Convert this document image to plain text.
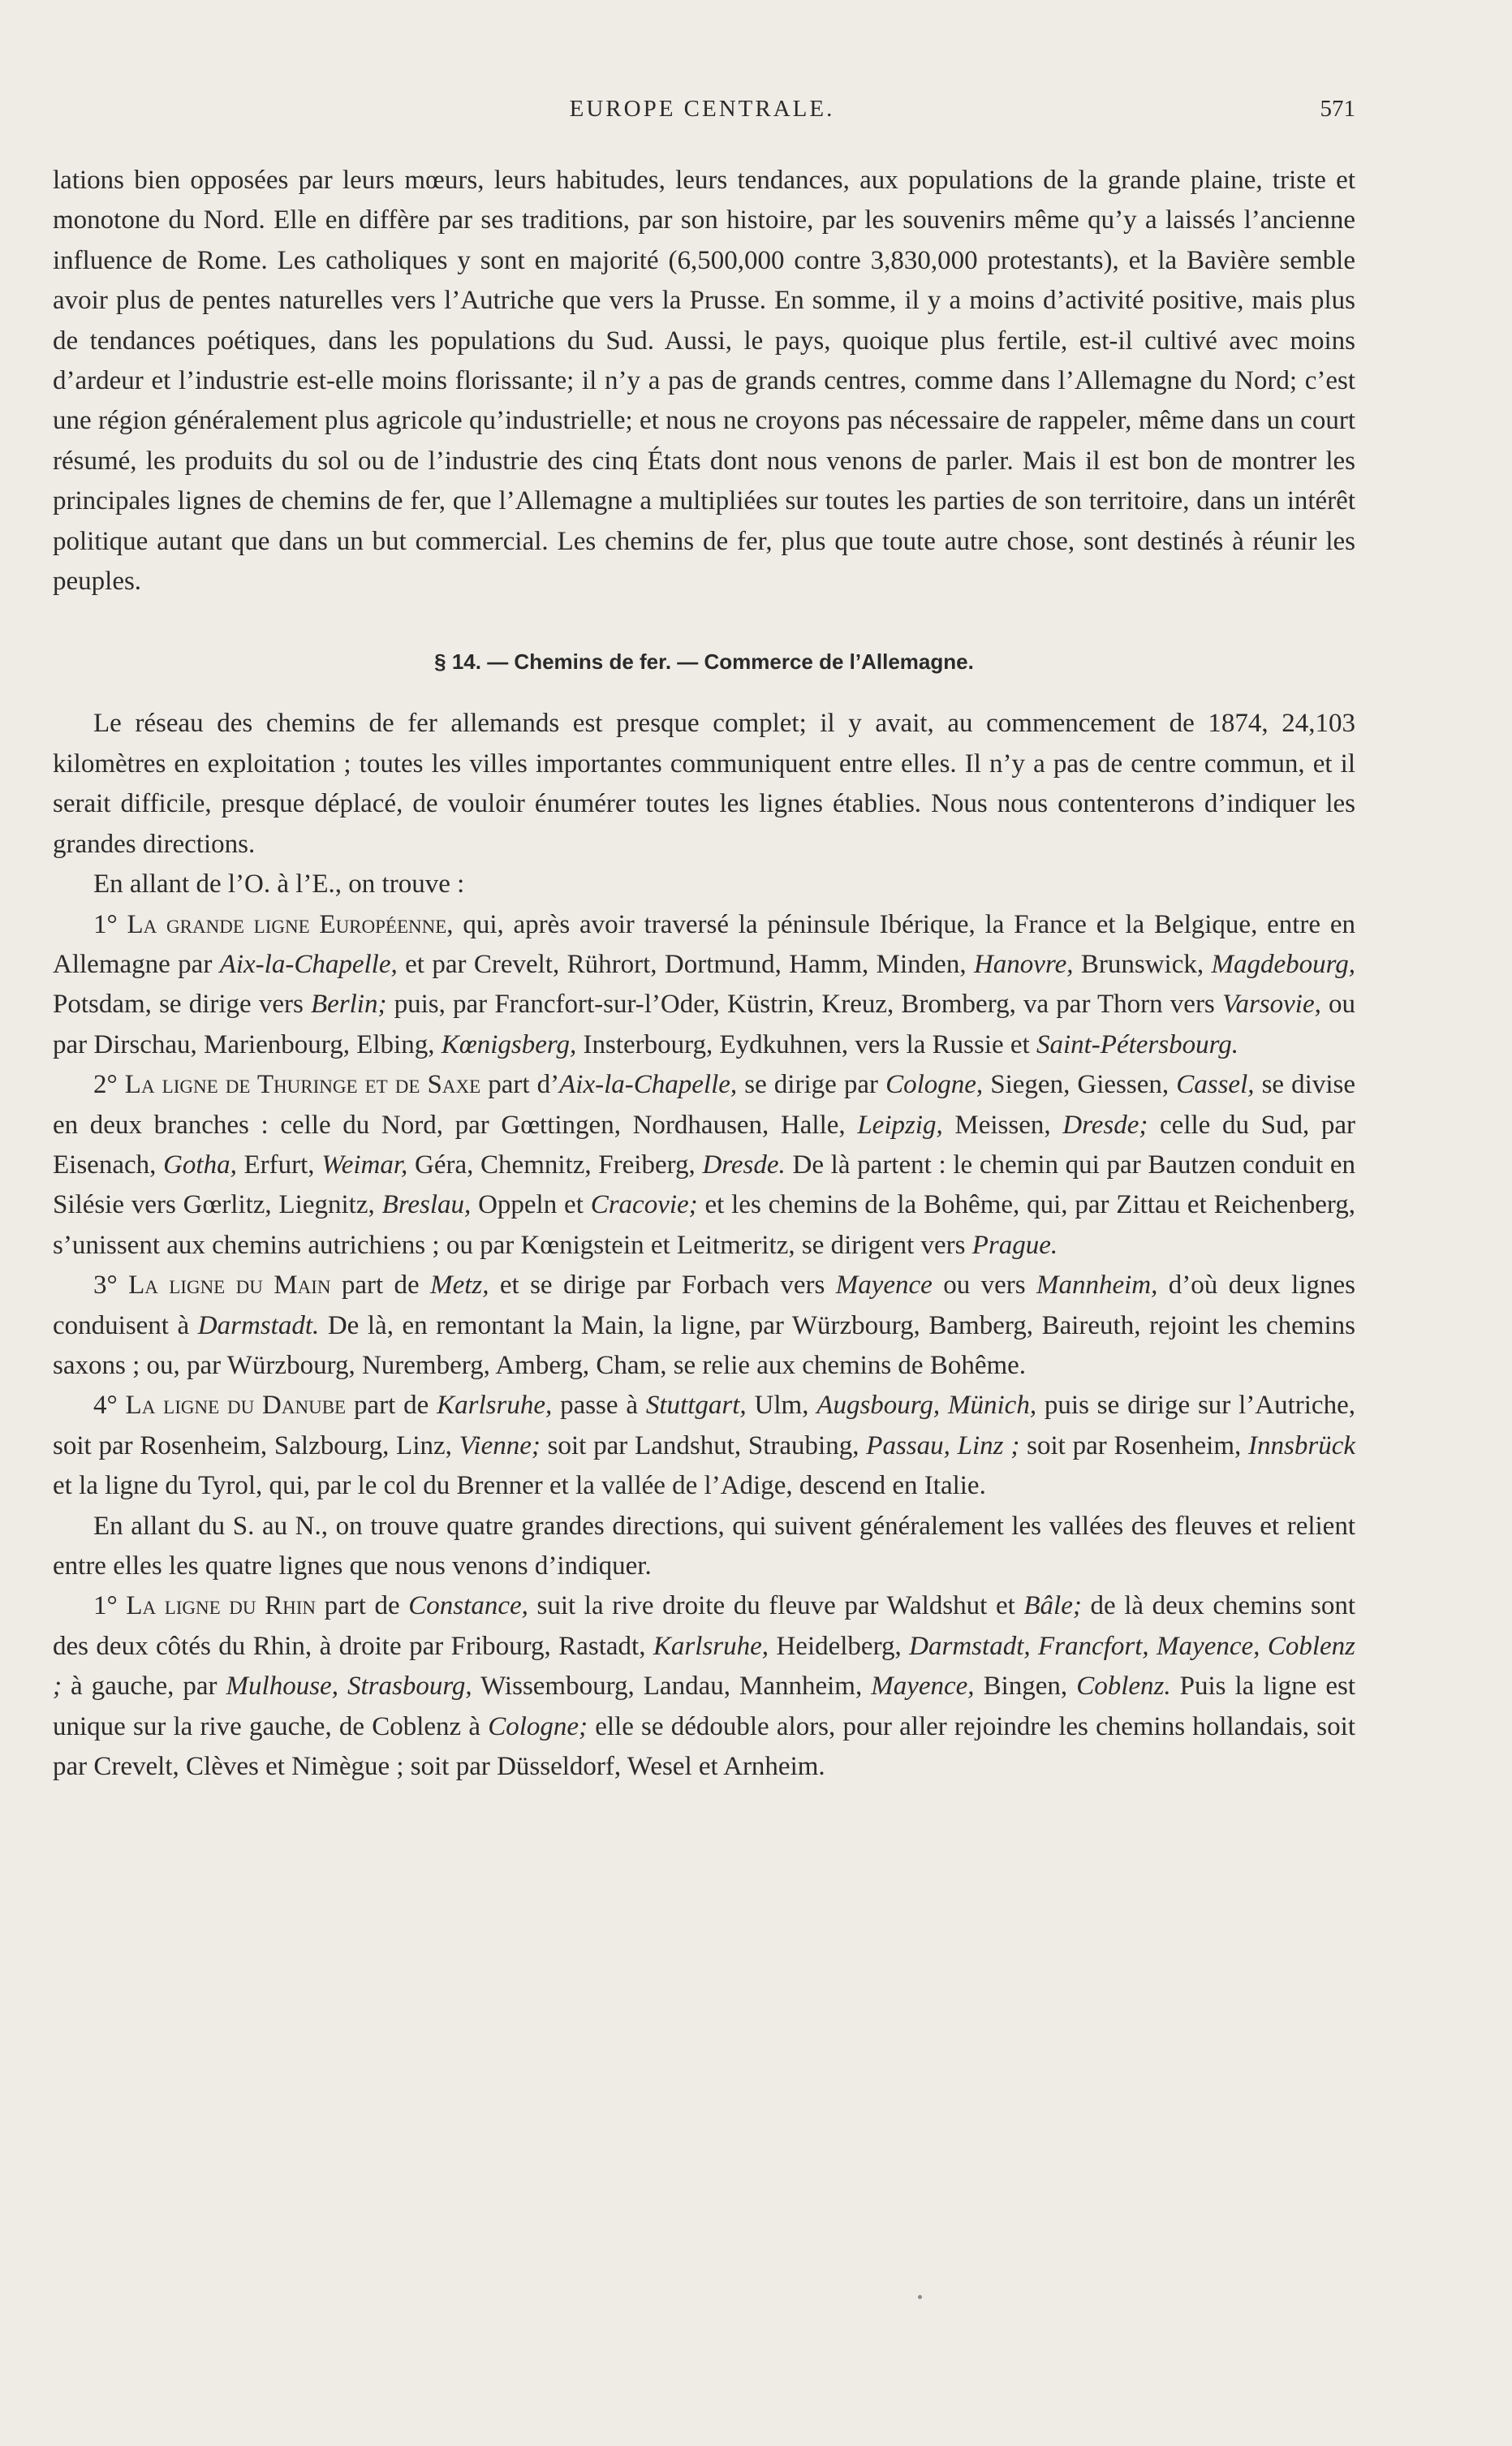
EUROPE CENTRALE.	571

lations bien opposées par leurs mœurs, leurs habitudes, leurs tendances, aux populations de la grande plaine, triste et monotone du Nord. Elle en diffère par ses traditions, par son histoire, par les souvenirs même qu’y a laissés l’ancienne influence de Rome. Les catholiques y sont en majorité (6,500,000 contre 3,830,000 protestants), et la Bavière semble avoir plus de pentes naturelles vers l’Autriche que vers la Prusse. En somme, il y a moins d’activité positive, mais plus de tendances poétiques, dans les populations du Sud. Aussi, le pays, quoique plus fertile, est-il cultivé avec moins d’ardeur et l’industrie est-elle moins florissante; il n’y a pas de grands centres, comme dans l’Allemagne du Nord; c’est une région généralement plus agricole qu’industrielle; et nous ne croyons pas nécessaire de rappeler, même dans un court résumé, les produits du sol ou de l’industrie des cinq États dont nous venons de parler. Mais il est bon de montrer les principales lignes de chemins de fer, que l’Allemagne a multipliées sur toutes les parties de son territoire, dans un intérêt politique autant que dans un but commercial. Les chemins de fer, plus que toute autre chose, sont destinés à réunir les peuples.

§ 14. — Chemins de fer. — Commerce de l’Allemagne.

Le réseau des chemins de fer allemands est presque complet; il y avait, au commencement de 1874, 24,103 kilomètres en exploitation ; toutes les villes importantes communiquent entre elles. Il n’y a pas de centre commun, et il serait difficile, presque déplacé, de vouloir énumérer toutes les lignes établies. Nous nous contenterons d’indiquer les grandes directions.

En allant de l’O. à l’E., on trouve :

1° La grande ligne Européenne, qui, après avoir traversé la péninsule Ibérique, la France et la Belgique, entre en Allemagne par Aix-la-Chapelle, et par Crevelt, Rührort, Dortmund, Hamm, Minden, Hanovre, Brunswick, Magdebourg, Potsdam, se dirige vers Berlin; puis, par Francfort-sur-l’Oder, Küstrin, Kreuz, Bromberg, va par Thorn vers Varsovie, ou par Dirschau, Marienbourg, Elbing, Kœnigsberg, Insterbourg, Eydkuhnen, vers la Russie et Saint-Pétersbourg.

2° La ligne de Thuringe et de Saxe part d’Aix-la-Chapelle, se dirige par Cologne, Siegen, Giessen, Cassel, se divise en deux branches : celle du Nord, par Gœttingen, Nordhausen, Halle, Leipzig, Meissen, Dresde; celle du Sud, par Eisenach, Gotha, Erfurt, Weimar, Géra, Chemnitz, Freiberg, Dresde. De là partent : le chemin qui par Bautzen conduit en Silésie vers Gœrlitz, Liegnitz, Breslau, Oppeln et Cracovie; et les chemins de la Bohême, qui, par Zittau et Reichenberg, s’unissent aux chemins autrichiens ; ou par Kœnigstein et Leitmeritz, se dirigent vers Prague.

3° La ligne du Main part de Metz, et se dirige par Forbach vers Mayence ou vers Mannheim, d’où deux lignes conduisent à Darmstadt. De là, en remontant la Main, la ligne, par Würzbourg, Bamberg, Baireuth, rejoint les chemins saxons ; ou, par Würzbourg, Nuremberg, Amberg, Cham, se relie aux chemins de Bohême.

4° La ligne du Danube part de Karlsruhe, passe à Stuttgart, Ulm, Augsbourg, Münich, puis se dirige sur l’Autriche, soit par Rosenheim, Salzbourg, Linz, Vienne; soit par Landshut, Straubing, Passau, Linz ; soit par Rosenheim, Innsbrück et la ligne du Tyrol, qui, par le col du Brenner et la vallée de l’Adige, descend en Italie.

En allant du S. au N., on trouve quatre grandes directions, qui suivent généralement les vallées des fleuves et relient entre elles les quatre lignes que nous venons d’indiquer.

1° La ligne du Rhin part de Constance, suit la rive droite du fleuve par Waldshut et Bâle; de là deux chemins sont des deux côtés du Rhin, à droite par Fribourg, Rastadt, Karlsruhe, Heidelberg, Darmstadt, Francfort, Mayence, Coblenz ; à gauche, par Mulhouse, Strasbourg, Wissembourg, Landau, Mannheim, Mayence, Bingen, Coblenz. Puis la ligne est unique sur la rive gauche, de Coblenz à Cologne; elle se dédouble alors, pour aller rejoindre les chemins hollandais, soit par Crevelt, Clèves et Nimègue ; soit par Düsseldorf, Wesel et Arnheim.
